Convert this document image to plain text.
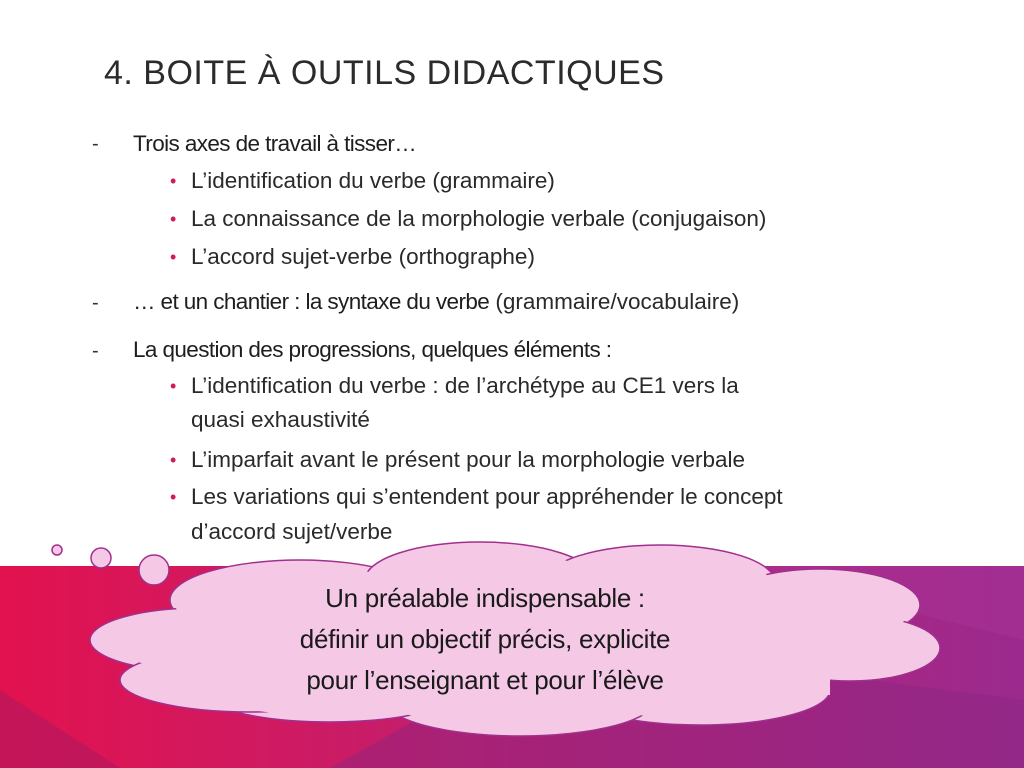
4. BOITE À OUTILS DIDACTIQUES
- Trois axes de travail à tisser…
• L’identification du verbe (grammaire)
• La connaissance de la morphologie verbale (conjugaison)
• L’accord sujet-verbe (orthographe)
- … et un chantier : la syntaxe du verbe (grammaire/vocabulaire)
- La question des progressions, quelques éléments :
• L’identification du verbe : de l’archétype au CE1 vers la
quasi exhaustivité
• L’imparfait avant le présent pour la morphologie verbale
• Les variations qui s’entendent pour appréhender le concept
d’accord sujet/verbe
Un préalable indispensable :
définir un objectif précis, explicite
pour l’enseignant et pour l’élève
